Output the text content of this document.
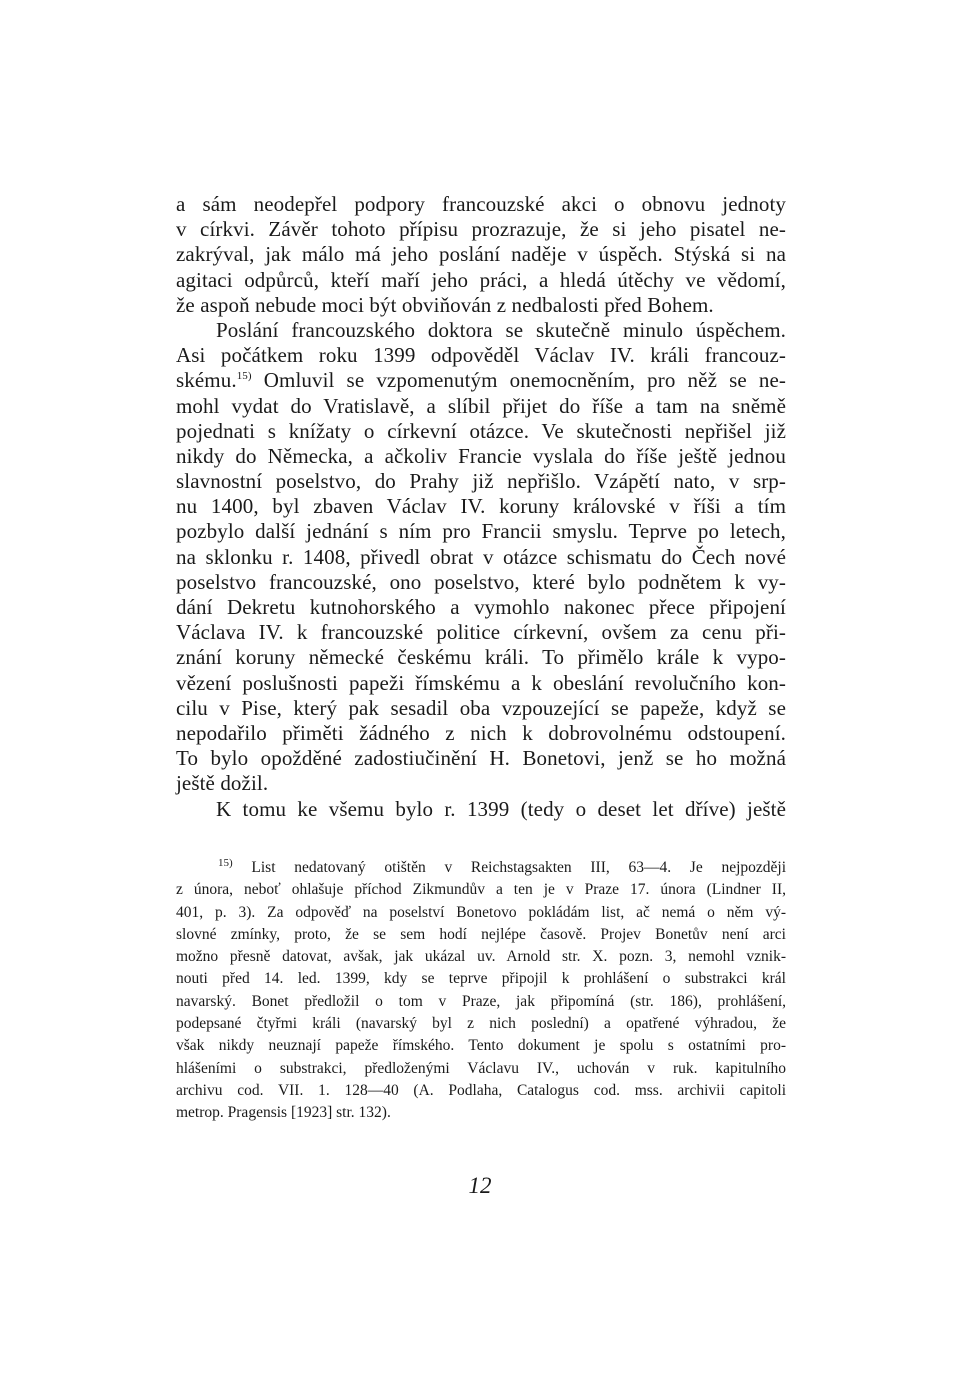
a sám neodepřel podpory francouzské akci o obnovu jednoty
v církvi. Závěr tohoto přípisu prozrazuje, že si jeho pisatel ne-
zakrýval, jak málo má jeho poslání naděje v úspěch. Stýská si na
agitaci odpůrců, kteří maří jeho práci, a hledá útěchy ve vědomí,
že aspoň nebude moci být obviňován z nedbalosti před Bohem.
Poslání francouzského doktora se skutečně minulo úspěchem.
Asi počátkem roku 1399 odpověděl Václav IV. králi francouz-
skému.$^{15)}$ Omluvil se vzpomenutým onemocněním, pro něž se ne-
mohl vydat do Vratislavě, a slíbil přijet do říše a tam na sněmě
pojednati s knížaty o církevní otázce. Ve skutečnosti nepřišel již
nikdy do Německa, a ačkoliv Francie vyslala do říše ještě jednou
slavnostní poselstvo, do Prahy již nepřišlo. Vzápětí nato, v srp-
nu 1400, byl zbaven Václav IV. koruny královské v říši a tím
pozbylo další jednání s ním pro Francii smyslu. Teprve po letech,
na sklonku r. 1408, přivedl obrat v otázce schismatu do Čech nové
poselstvo francouzské, ono poselstvo, které bylo podnětem k vy-
dání Dekretu kutnohorského a vymohlo nakonec přece připojení
Václava IV. k francouzské politice církevní, ovšem za cenu při-
znání koruny německé českému králi. To přimělo krále k vypo-
vězení poslušnosti papeži římskému a k obeslání revolučního kon-
cilu v Pise, který pak sesadil oba vzpouzející se papeže, když se
nepodařilo přiměti žádného z nich k dobrovolnému odstoupení.
To bylo opožděné zadostiučinění H. Bonetovi, jenž se ho možná
ještě dožil.
K tomu ke všemu bylo r. 1399 (tedy o deset let dříve) ještě
$^{15)}$ List nedatovaný otištěn v Reichstagsakten III, 63—4. Je nejpozději
z února, neboť ohlašuje příchod Zikmundův a ten je v Praze 17. února (Lindner II,
401, p. 3). Za odpověď na poselství Bonetovo pokládám list, ač nemá o něm vý-
slovné zmínky, proto, že se sem hodí nejlépe časově. Projev Bonetův není arci
možno přesně datovat, avšak, jak ukázal uv. Arnold str. X. pozn. 3, nemohl vznik-
nouti před 14. led. 1399, kdy se teprve připojil k prohlášení o substrakci král
navarský. Bonet předložil o tom v Praze, jak připomíná (str. 186), prohlášení,
podepsané čtyřmi králi (navarský byl z nich poslední) a opatřené výhradou, že
však nikdy neuznají papeže římského. Tento dokument je spolu s ostatními pro-
hlášeními o substrakci, předloženými Václavu IV., uchován v ruk. kapitulního
archivu cod. VII. 1. 128—40 (A. Podlaha, Catalogus cod. mss. archivii capitoli
metrop. Pragensis [1923] str. 132).
12
